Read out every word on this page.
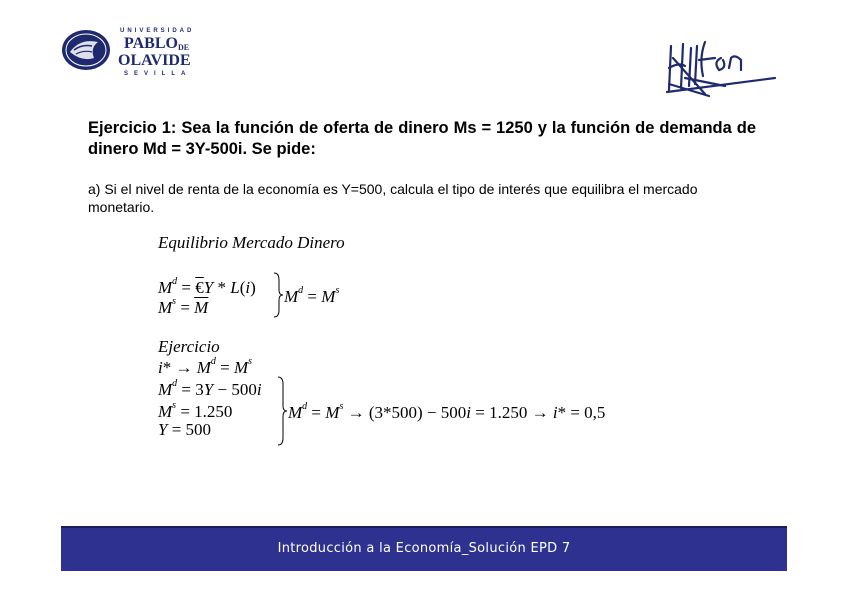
UNIVERSIDAD
PABLODE
OLAVIDE
SEVILLA
Ejercicio 1: Sea la función de oferta de dinero Ms = 1250 y la función de demanda de dinero Md = 3Y-500i. Se pide:
a) Si el nivel de renta de la economía es Y=500, calcula el tipo de interés que equilibra el mercado monetario.
Equilibrio Mercado Dinero
$M^d$ = €Y * L(i)
$M^s = \overline{M}$
$M^d = M^s$
Ejercicio
$i* \to M^d = M^s$
$M^d = 3Y - 500i$
$M^s = 1.250$
Y = 500
$M^d = M^s \to (3*500) - 500i = 1.250 \to i* = 0,5$
Introducción a la Economía_Solución EPD 7
